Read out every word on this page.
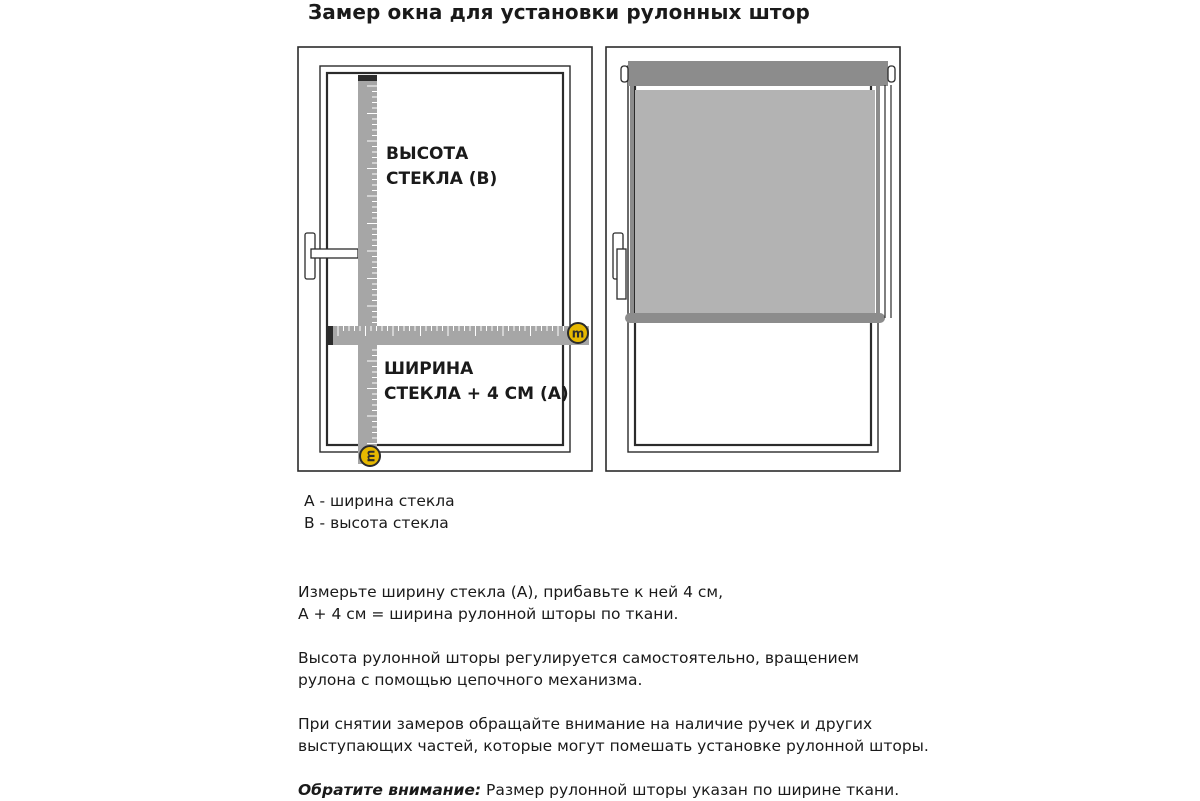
Замер окна для установки рулонных штор
m
m
ВЫСОТА
СТЕКЛА (В)
ШИРИНА
СТЕКЛА + 4 СМ (А)
А - ширина стекла
В - высота стекла

Измерьте ширину стекла (А), прибавьте к ней 4 см,
А + 4 см = ширина рулонной шторы по ткани.

Высота рулонной шторы регулируется самостоятельно, вращением
рулона с помощью цепочного механизма.

При снятии замеров обращайте внимание на наличие ручек и других
выступающих частей, которые могут помешать установке рулонной шторы.

Обратите внимание: Размер рулонной шторы указан по ширине ткани.
